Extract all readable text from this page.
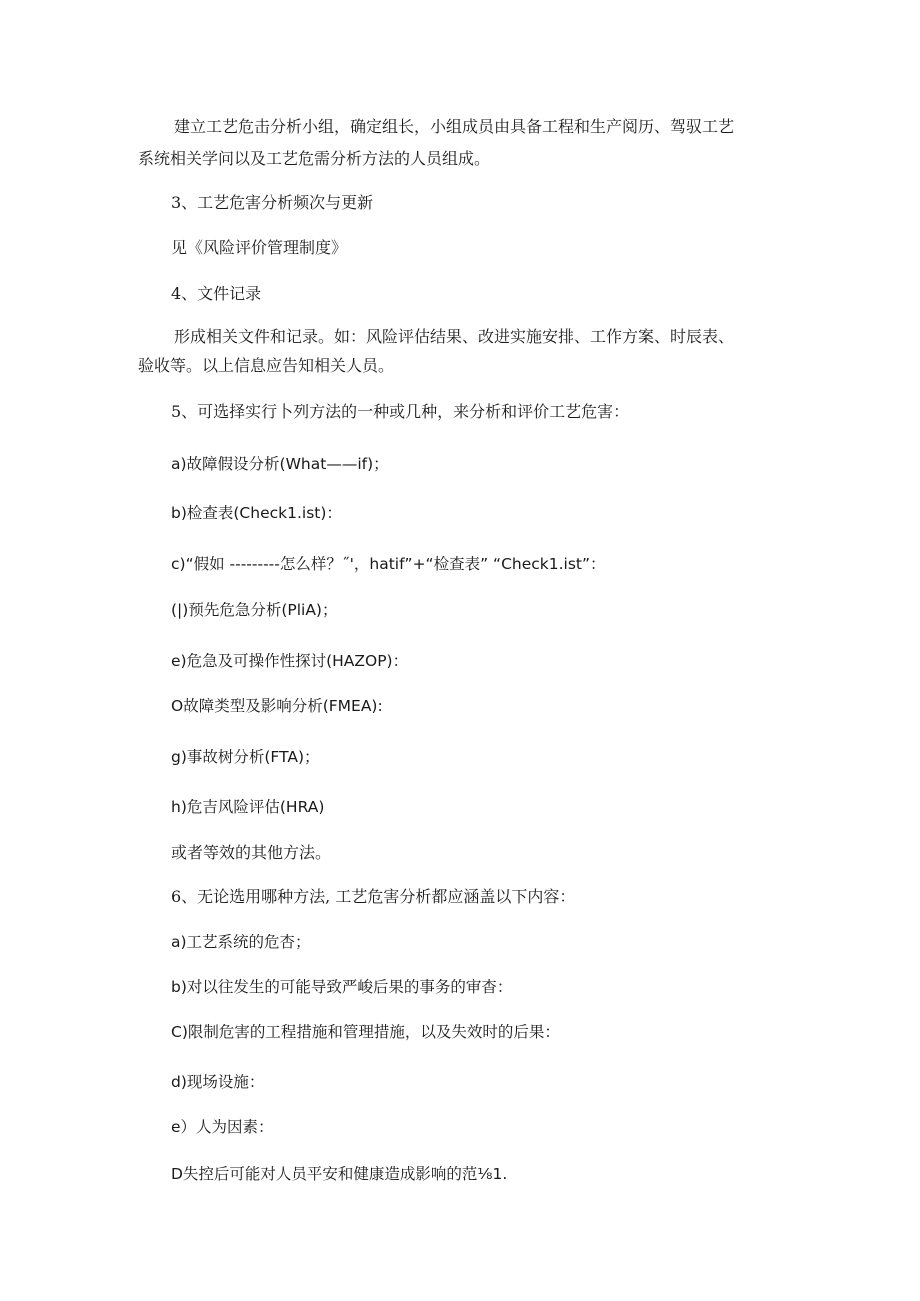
建立工艺危击分析小组，确定组长，小组成员由具备工程和生产阅历、驾驭工艺
系统相关学问以及工艺危需分析方法的人员组成。
3、工艺危害分析频次与更新
见《风险评价管理制度》
4、文件记录
形成相关文件和记录。如：风险评估结果、改进实施安排、工作方案、时辰表、
验收等。以上信息应告知相关人员。
5、可选择实行卜列方法的一种或几种，来分析和评价工艺危害：
a)故障假设分析(What——if)；
b)检查表(Check1.ist)：
c)“假如 ---------怎么样？˝'，hatif”+“检查表” “Check1.ist”：
(|)预先危急分析(PliA)；
e)危急及可操作性探讨(HAZOP)：
O故障类型及影响分析(FMEA):
g)事故树分析(FTA)；
h)危吉风险评估(HRA)
或者等效的其他方法。
6、无论选用哪种方法, 工艺危害分析都应涵盖以下内容：
a)工艺系统的危杏；
b)对以往发生的可能导致严峻后果的事务的审杳：
C)限制危害的工程措施和管理措施，以及失效时的后果：
d)现场设施：
e）人为因素：
D失控后可能对人员平安和健康造成影响的范⅛1.
